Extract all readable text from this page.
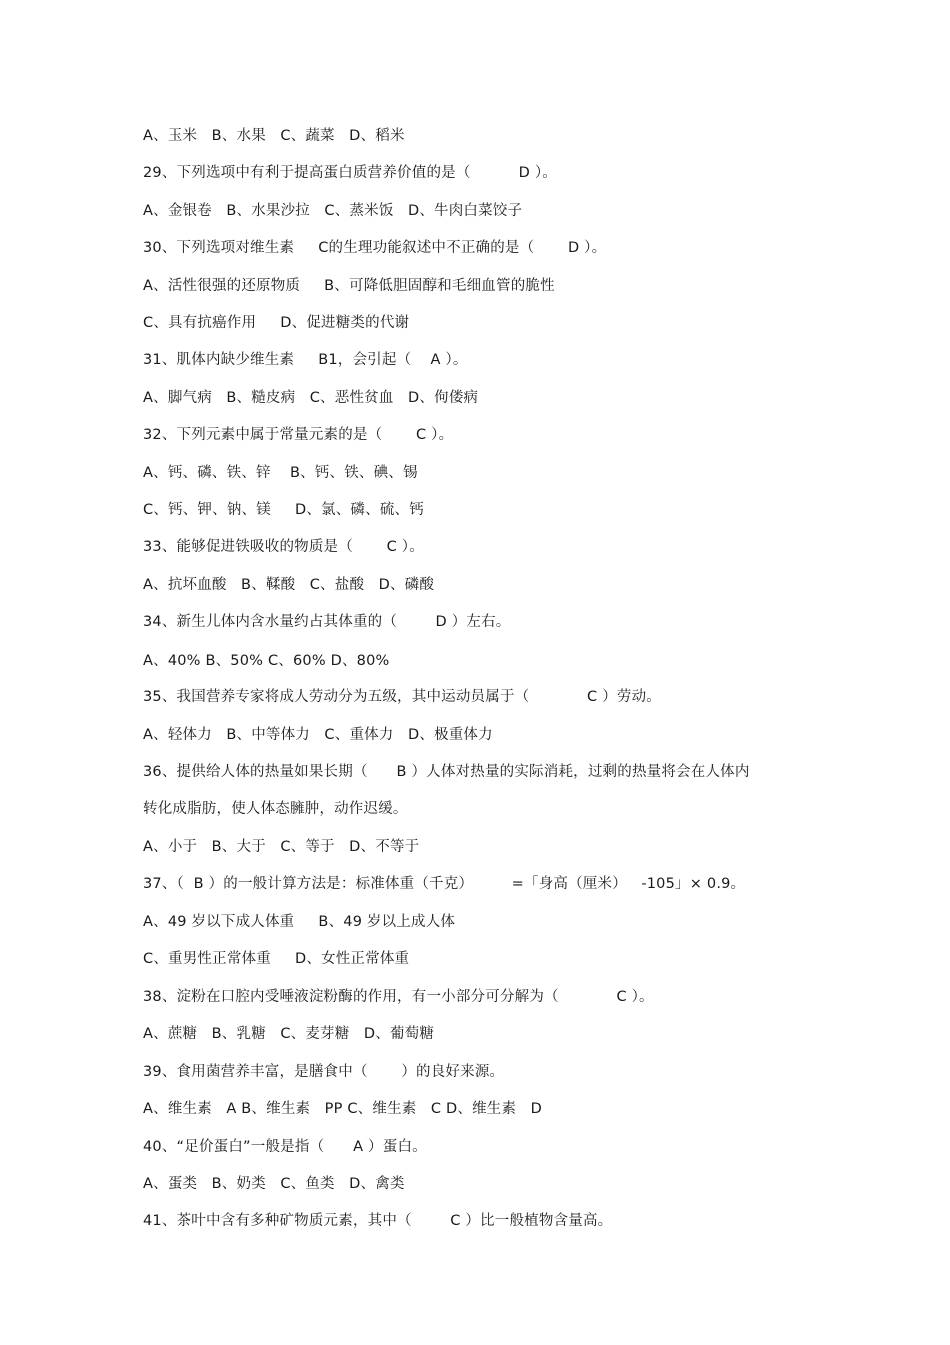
A、玉米   B、水果   C、蔬菜   D、稻米
29、下列选项中有利于提高蛋白质营养价值的是（          D ）。
A、金银卷   B、水果沙拉   C、蒸米饭   D、牛肉白菜饺子
30、下列选项对维生素     C的生理功能叙述中不正确的是（       D ）。
A、活性很强的还原物质     B、可降低胆固醇和毛细血管的脆性
C、具有抗癌作用     D、促进糖类的代谢
31、肌体内缺少维生素     B1，会引起（    A ）。
A、脚气病   B、糙皮病   C、恶性贫血   D、佝偻病
32、下列元素中属于常量元素的是（       C ）。
A、钙、磷、铁、锌    B、钙、铁、碘、锡
C、钙、钾、钠、镁     D、氯、磷、硫、钙
33、能够促进铁吸收的物质是（       C ）。
A、抗坏血酸   B、鞣酸   C、盐酸   D、磷酸
34、新生儿体内含水量约占其体重的（        D ）左右。
A、40% B、50% C、60% D、80%
35、我国营养专家将成人劳动分为五级，其中运动员属于（            C ）劳动。
A、轻体力   B、中等体力   C、重体力   D、极重体力
36、提供给人体的热量如果长期（      B ）人体对热量的实际消耗，过剩的热量将会在人体内
转化成脂肪，使人体态臃肿，动作迟缓。
A、小于   B、大于   C、等于   D、不等于
37、（  B ）的一般计算方法是：标准体重（千克）        =「身高（厘米）   -105」× 0.9。
A、49 岁以下成人体重     B、49 岁以上成人体
C、重男性正常体重     D、女性正常体重
38、淀粉在口腔内受唾液淀粉酶的作用，有一小部分可分解为（            C ）。
A、蔗糖   B、乳糖   C、麦芽糖   D、葡萄糖
39、食用菌营养丰富，是膳食中（       ）的良好来源。
A、维生素   A B、维生素   PP C、维生素   C D、维生素   D
40、“足价蛋白”一般是指（      A ）蛋白。
A、蛋类   B、奶类   C、鱼类   D、禽类
41、茶叶中含有多种矿物质元素，其中（        C ）比一般植物含量高。
